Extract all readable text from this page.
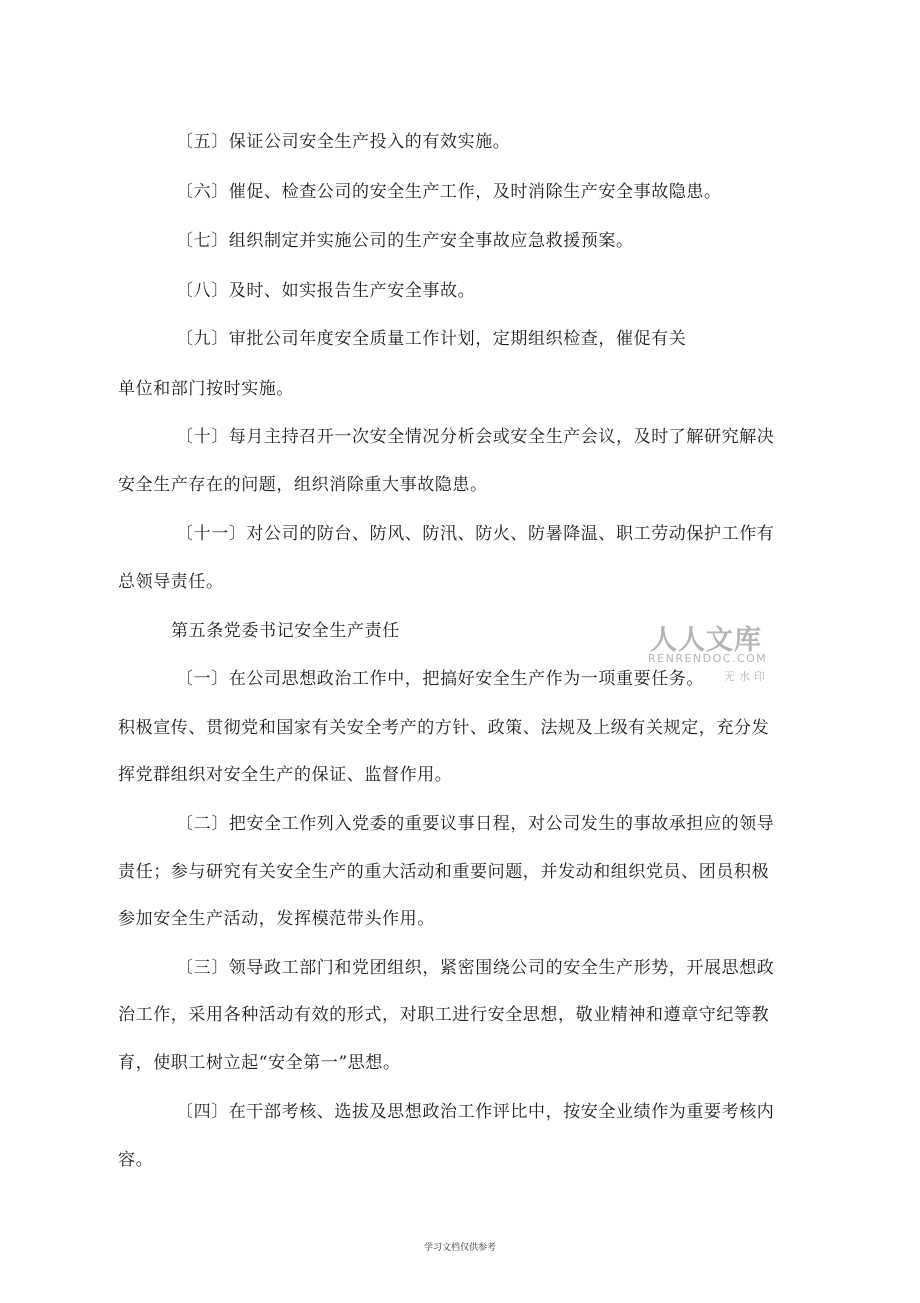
〔五〕保证公司安全生产投入的有效实施。
〔六〕催促、检查公司的安全生产工作，及时消除生产安全事故隐患。
〔七〕组织制定并实施公司的生产安全事故应急救援预案。
〔八〕及时、如实报告生产安全事故。
〔九〕审批公司年度安全质量工作计划，定期组织检查，催促有关
单位和部门按时实施。
〔十〕每月主持召开一次安全情况分析会或安全生产会议，及时了解研究解决
安全生产存在的问题，组织消除重大事故隐患。
〔十一〕对公司的防台、防风、防汛、防火、防暑降温、职工劳动保护工作有
总领导责任。
第五条党委书记安全生产责任
〔一〕在公司思想政治工作中，把搞好安全生产作为一项重要任务。
积极宣传、贯彻党和国家有关安全考产的方针、政策、法规及上级有关规定，充分发
挥党群组织对安全生产的保证、监督作用。
〔二〕把安全工作列入党委的重要议事日程，对公司发生的事故承担应的领导
责任；参与研究有关安全生产的重大活动和重要问题，并发动和组织党员、团员积极
参加安全生产活动，发挥模范带头作用。
〔三〕领导政工部门和党团组织，紧密围绕公司的安全生产形势，开展思想政
治工作，采用各种活动有效的形式，对职工进行安全思想，敬业精神和遵章守纪等教
育，使职工树立起“安全第一”思想。
〔四〕在干部考核、选拔及思想政治工作评比中，按安全业绩作为重要考核内
容。
人人文库
RENRENDOC.COM
无水印
学习文档仅供参考
